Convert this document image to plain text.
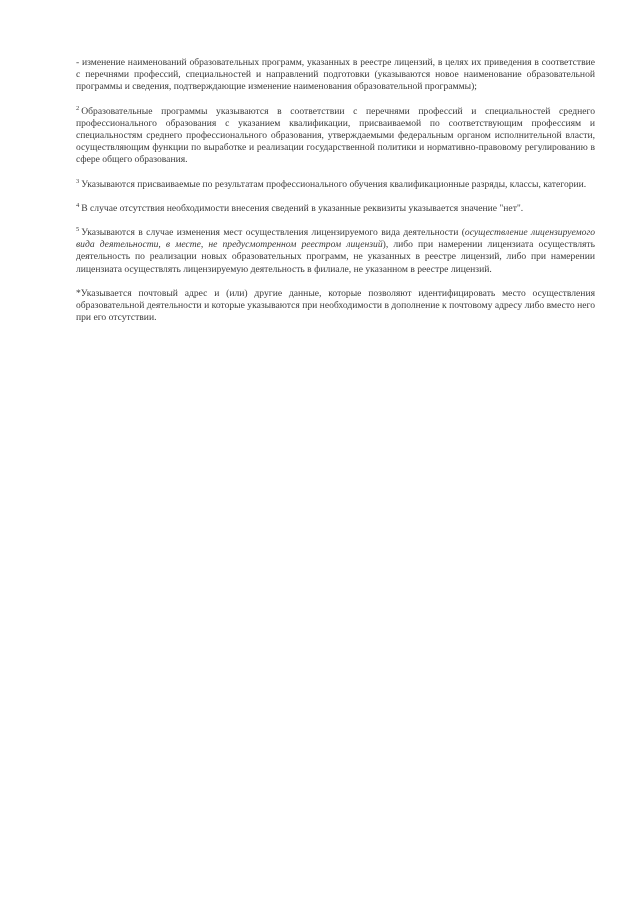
- изменение наименований образовательных программ, указанных в реестре лицензий, в целях их приведения в соответствие с перечнями профессий, специальностей и направлений подготовки (указываются новое наименование образовательной программы и сведения, подтверждающие изменение наименования образовательной программы);

$^2$ Образовательные программы указываются в соответствии с перечнями профессий и специальностей среднего профессионального образования с указанием квалификации, присваиваемой по соответствующим профессиям и специальностям среднего профессионального образования, утверждаемыми федеральным органом исполнительной власти, осуществляющим функции по выработке и реализации государственной политики и нормативно-правовому регулированию в сфере общего образования.

$^3$ Указываются присваиваемые по результатам профессионального обучения квалификационные разряды, классы, категории.

$^4$ В случае отсутствия необходимости внесения сведений в указанные реквизиты указывается значение "нет".

$^5$ Указываются в случае изменения мест осуществления лицензируемого вида деятельности (осуществление лицензируемого вида деятельности, в месте, не предусмотренном реестром лицензий), либо при намерении лицензиата осуществлять деятельность по реализации новых образовательных программ, не указанных в реестре лицензий, либо при намерении лицензиата осуществлять лицензируемую деятельность в филиале, не указанном в реестре лицензий.

*Указывается почтовый адрес и (или) другие данные, которые позволяют идентифицировать место осуществления образовательной деятельности и которые указываются при необходимости в дополнение к почтовому адресу либо вместо него при его отсутствии.
